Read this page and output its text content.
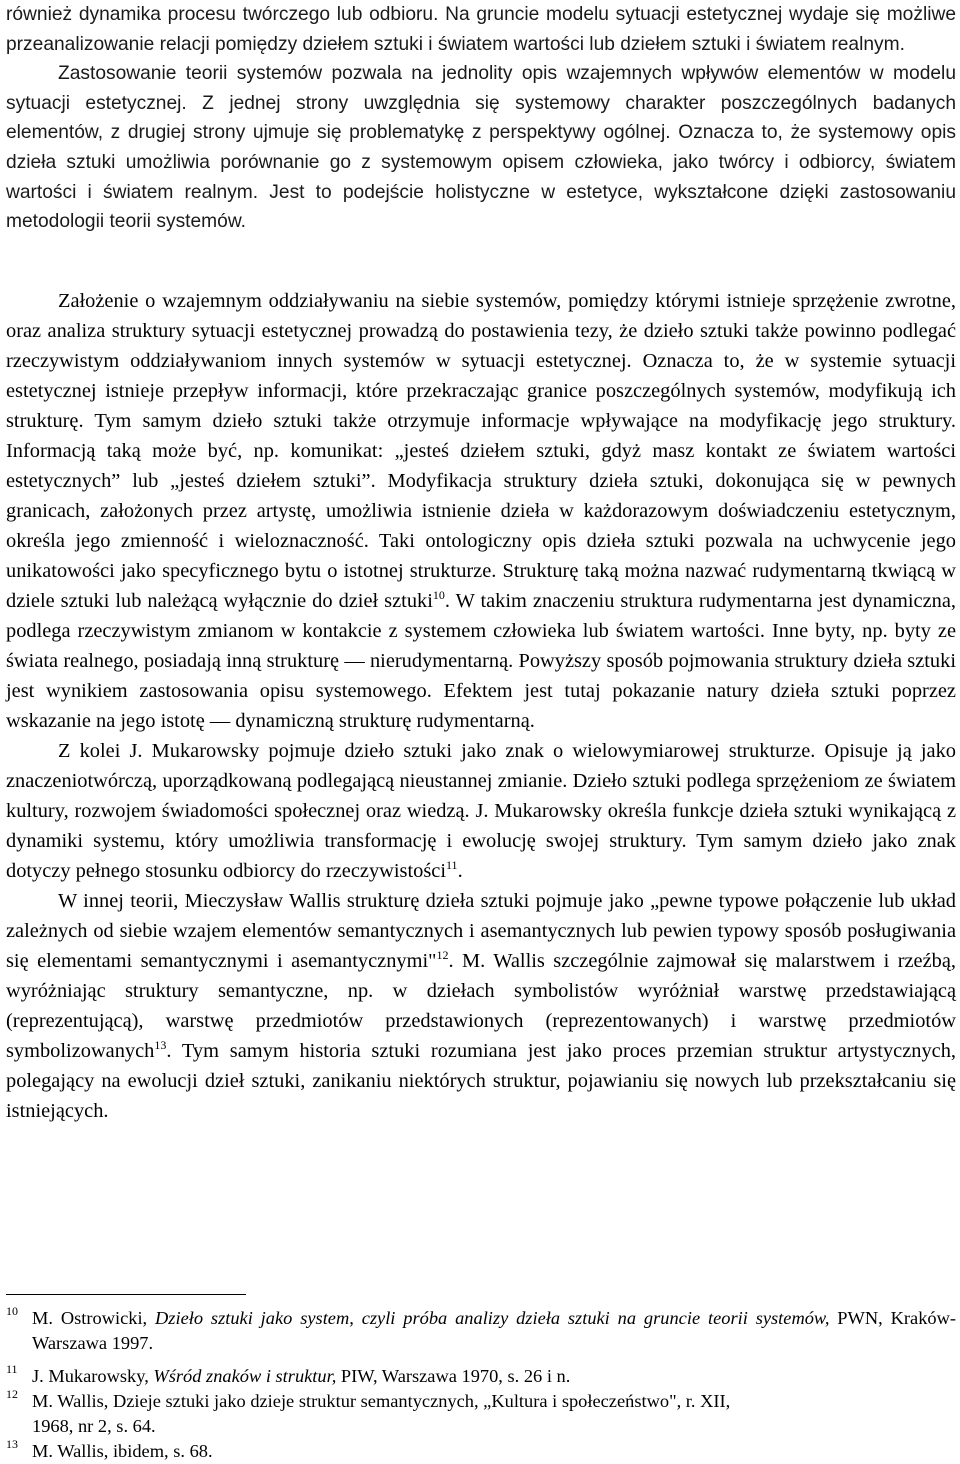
również dynamika procesu twórczego lub odbioru. Na gruncie modelu sytuacji estetycznej wydaje się możliwe przeanalizowanie relacji pomiędzy dziełem sztuki i światem wartości lub dziełem sztuki i światem realnym.

Zastosowanie teorii systemów pozwala na jednolity opis wzajemnych wpływów elementów w modelu sytuacji estetycznej. Z jednej strony uwzględnia się systemowy charakter poszczególnych badanych elementów, z drugiej strony ujmuje się problematykę z perspektywy ogólnej. Oznacza to, że systemowy opis dzieła sztuki umożliwia porównanie go z systemowym opisem człowieka, jako twórcy i odbiorcy, światem wartości i światem realnym. Jest to podejście holistyczne w estetyce, wykształcone dzięki zastosowaniu metodologii teorii systemów.

Założenie o wzajemnym oddziaływaniu na siebie systemów, pomiędzy którymi istnieje sprzężenie zwrotne, oraz analiza struktury sytuacji estetycznej prowadzą do postawienia tezy, że dzieło sztuki także powinno podlegać rzeczywistym oddziaływaniom innych systemów w sytuacji estetycznej. Oznacza to, że w systemie sytuacji estetycznej istnieje przepływ informacji, które przekraczając granice poszczególnych systemów, modyfikują ich strukturę. Tym samym dzieło sztuki także otrzymuje informacje wpływające na modyfikację jego struktury. Informacją taką może być, np. komunikat: „jesteś dziełem sztuki, gdyż masz kontakt ze światem wartości estetycznych” lub „jesteś dziełem sztuki”. Modyfikacja struktury dzieła sztuki, dokonująca się w pewnych granicach, założonych przez artystę, umożliwia istnienie dzieła w każdorazowym doświadczeniu estetycznym, określa jego zmienność i wieloznaczność. Taki ontologiczny opis dzieła sztuki pozwala na uchwycenie jego unikatowości jako specyficznego bytu o istotnej strukturze. Strukturę taką można nazwać rudymentarną tkwiącą w dziele sztuki lub należącą wyłącznie do dzieł sztuki$^{10}$. W takim znaczeniu struktura rudymentarna jest dynamiczna, podlega rzeczywistym zmianom w kontakcie z systemem człowieka lub światem wartości. Inne byty, np. byty ze świata realnego, posiadają inną strukturę ― nierudymentarną. Powyższy sposób pojmowania struktury dzieła sztuki jest wynikiem zastosowania opisu systemowego. Efektem jest tutaj pokazanie natury dzieła sztuki poprzez wskazanie na jego istotę ― dynamiczną strukturę rudymentarną.

Z kolei J. Mukarowsky pojmuje dzieło sztuki jako znak o wielowymiarowej strukturze. Opisuje ją jako znaczeniotwórczą, uporządkowaną podlegającą nieustannej zmianie. Dzieło sztuki podlega sprzężeniom ze światem kultury, rozwojem świadomości społecznej oraz wiedzą. J. Mukarowsky określa funkcje dzieła sztuki wynikającą z dynamiki systemu, który umożliwia transformację i ewolucję swojej struktury. Tym samym dzieło jako znak dotyczy pełnego stosunku odbiorcy do rzeczywistości$^{11}$.

W innej teorii, Mieczysław Wallis strukturę dzieła sztuki pojmuje jako „pewne typowe połączenie lub układ zależnych od siebie wzajem elementów semantycznych i asemantycznych lub pewien typowy sposób posługiwania się elementami semantycznymi i asemantycznymi"$^{12}$. M. Wallis szczególnie zajmował się malarstwem i rzeźbą, wyróżniając struktury semantyczne, np. w dziełach symbolistów wyróżniał warstwę przedstawiającą (reprezentującą), warstwę przedmiotów przedstawionych (reprezentowanych) i warstwę przedmiotów symbolizowanych$^{13}$. Tym samym historia sztuki rozumiana jest jako proces przemian struktur artystycznych, polegający na ewolucji dzieł sztuki, zanikaniu niektórych struktur, pojawianiu się nowych lub przekształcaniu się istniejących.

10 M. Ostrowicki, Dzieło sztuki jako system, czyli próba analizy dzieła sztuki na gruncie teorii systemów, PWN, Kraków-Warszawa 1997.
11 J. Mukarowsky, Wśród znaków i struktur, PIW, Warszawa 1970, s. 26 i n.
12 M. Wallis, Dzieje sztuki jako dzieje struktur semantycznych, „Kultura i społeczeństwo", r. XII,
1968, nr 2, s. 64.
13 M. Wallis, ibidem, s. 68.
